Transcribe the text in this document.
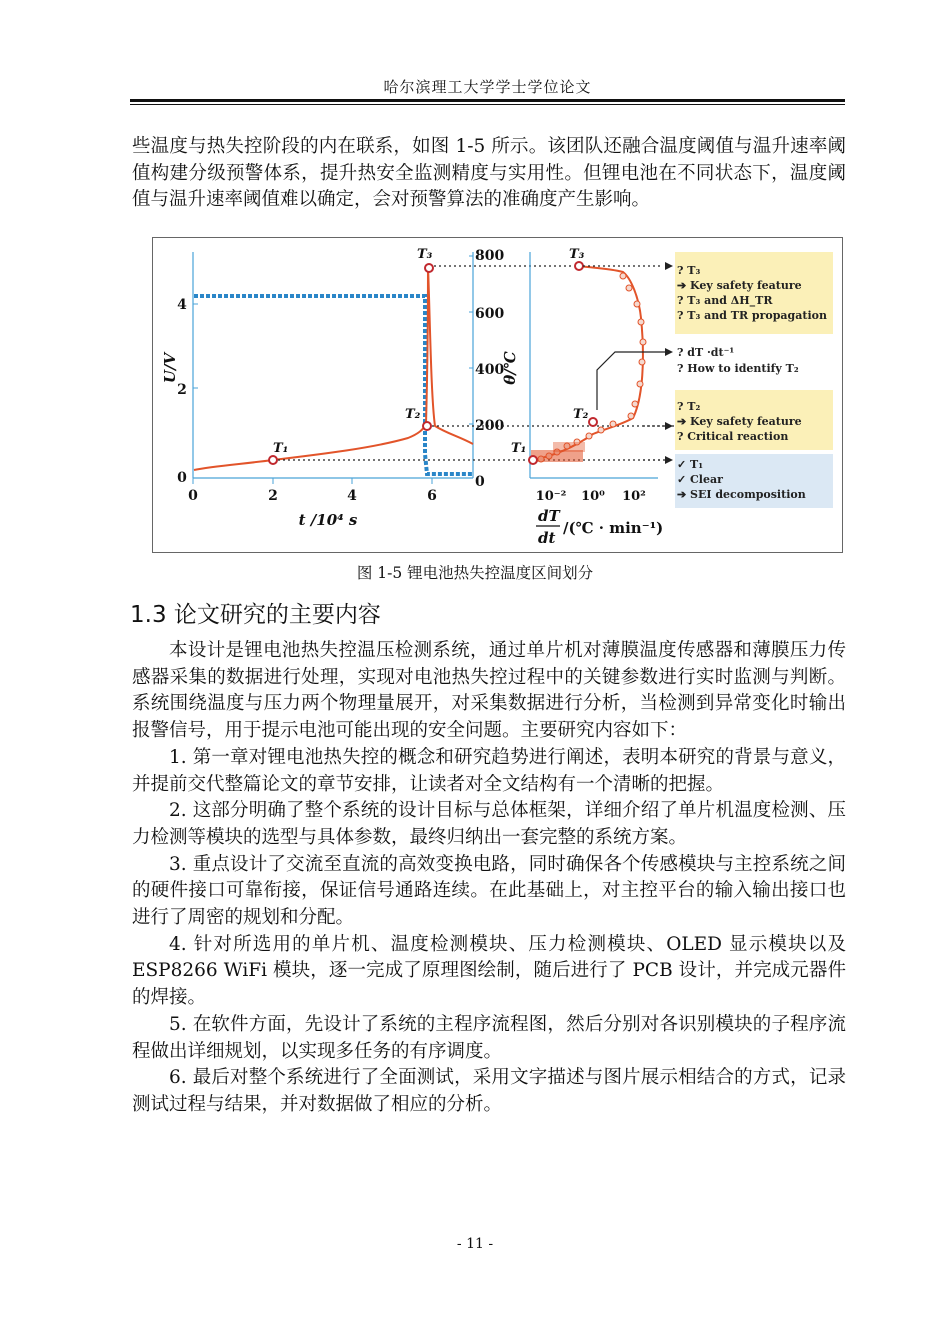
哈尔滨理工大学学士学位论文

些温度与热失控阶段的内在联系，如图 1-5 所示。该团队还融合温度阈值与温升速率阈值构建分级预警体系，提升热安全监测精度与实用性。但锂电池在不同状态下，温度阈值与温升速率阈值难以确定，会对预警算法的准确度产生影响。

0	2	4	6
0
2
4
0
200
400
600
800
U/V
t /10⁴ s
θ/℃
T₁
T₂
T₃
10⁻² 10⁰ 10²
dT
dt
/(℃ · min⁻¹)
T₁
T₂
T₃
? T₃
➔ Key safety feature
? T₃ and ΔH_TR
? T₃ and TR propagation
? dT ·dt⁻¹
? How to identify T₂
? T₂
➔ Key safety feature
? Critical reaction
✓ T₁
✓ Clear
➔ SEI decomposition
图 1-5 锂电池热失控温度区间划分
1.3 论文研究的主要内容

本设计是锂电池热失控温压检测系统，通过单片机对薄膜温度传感器和薄膜压力传感器采集的数据进行处理，实现对电池热失控过程中的关键参数进行实时监测与判断。系统围绕温度与压力两个物理量展开，对采集数据进行分析，当检测到异常变化时输出报警信号，用于提示电池可能出现的安全问题。主要研究内容如下：

1. 第一章对锂电池热失控的概念和研究趋势进行阐述，表明本研究的背景与意义，并提前交代整篇论文的章节安排，让读者对全文结构有一个清晰的把握。

2. 这部分明确了整个系统的设计目标与总体框架，详细介绍了单片机温度检测、压力检测等模块的选型与具体参数，最终归纳出一套完整的系统方案。

3. 重点设计了交流至直流的高效变换电路，同时确保各个传感模块与主控系统之间的硬件接口可靠衔接，保证信号通路连续。在此基础上，对主控平台的输入输出接口也进行了周密的规划和分配。

4. 针对所选用的单片机、温度检测模块、压力检测模块、OLED 显示模块以及 ESP8266 WiFi 模块，逐一完成了原理图绘制，随后进行了 PCB 设计，并完成元器件的焊接。

5. 在软件方面，先设计了系统的主程序流程图，然后分别对各识别模块的子程序流程做出详细规划，以实现多任务的有序调度。

6. 最后对整个系统进行了全面测试，采用文字描述与图片展示相结合的方式，记录测试过程与结果，并对数据做了相应的分析。

- 11 -
